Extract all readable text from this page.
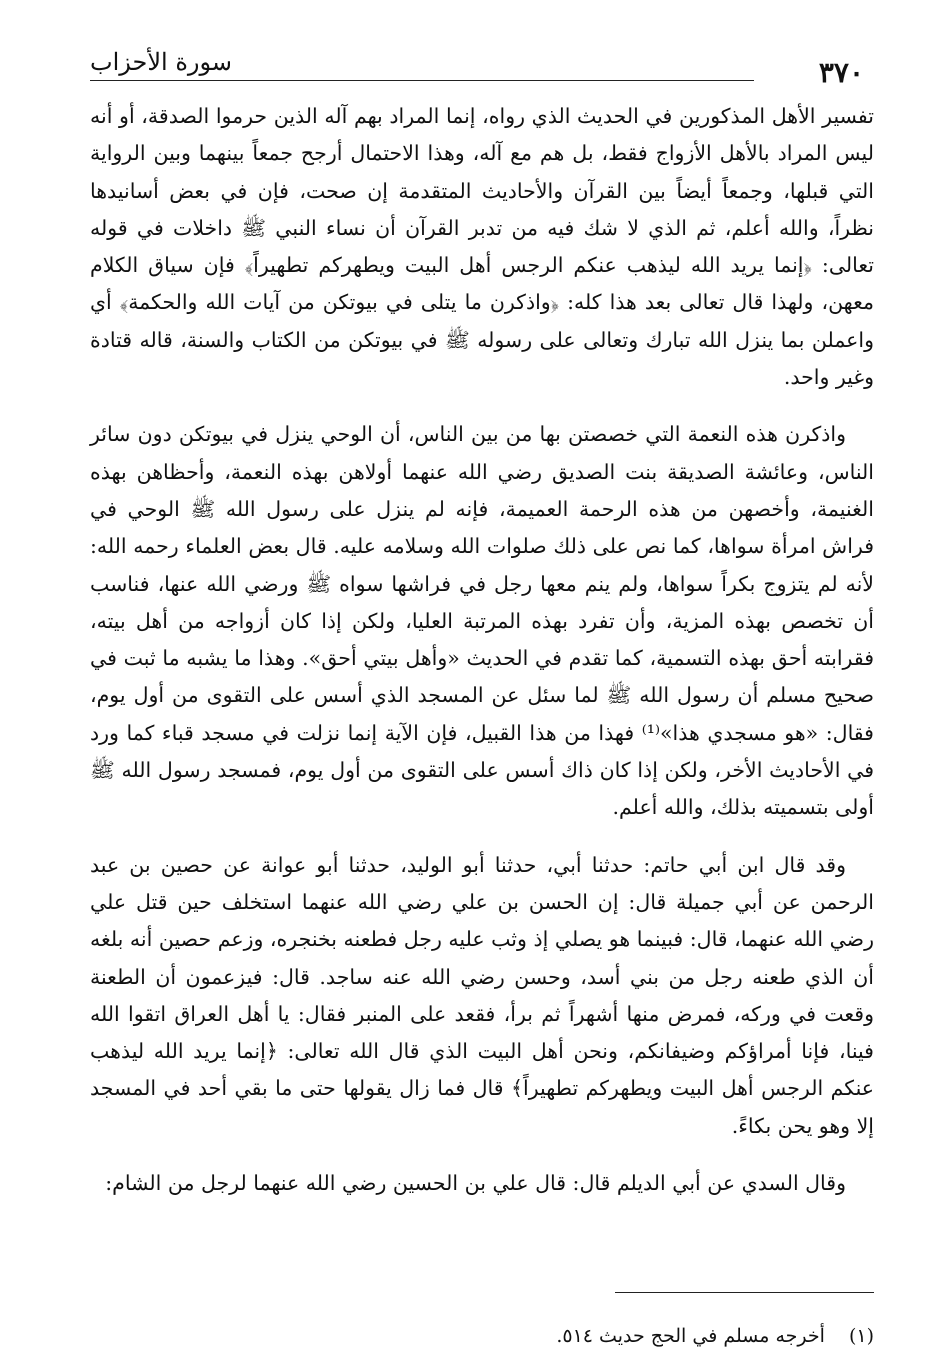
سورة الأحزاب	٣٧٠

تفسير الأهل المذكورين في الحديث الذي رواه، إنما المراد بهم آله الذين حرموا الصدقة، أو أنه ليس المراد بالأهل الأزواج فقط، بل هم مع آله، وهذا الاحتمال أرجح جمعاً بينهما وبين الرواية التي قبلها، وجمعاً أيضاً بين القرآن والأحاديث المتقدمة إن صحت، فإن في بعض أسانيدها نظراً، والله أعلم، ثم الذي لا شك فيه من تدبر القرآن أن نساء النبي ﷺ داخلات في قوله تعالى: ﴿إنما يريد الله ليذهب عنكم الرجس أهل البيت ويطهركم تطهيراً﴾ فإن سياق الكلام معهن، ولهذا قال تعالى بعد هذا كله: ﴿واذكرن ما يتلى في بيوتكن من آيات الله والحكمة﴾ أي واعملن بما ينزل الله تبارك وتعالى على رسوله ﷺ في بيوتكن من الكتاب والسنة، قاله قتادة وغير واحد.

واذكرن هذه النعمة التي خصصتن بها من بين الناس، أن الوحي ينزل في بيوتكن دون سائر الناس، وعائشة الصديقة بنت الصديق رضي الله عنهما أولاهن بهذه النعمة، وأحظاهن بهذه الغنيمة، وأخصهن من هذه الرحمة العميمة، فإنه لم ينزل على رسول الله ﷺ الوحي في فراش امرأة سواها، كما نص على ذلك صلوات الله وسلامه عليه. قال بعض العلماء رحمه الله: لأنه لم يتزوج بكراً سواها، ولم ينم معها رجل في فراشها سواه ﷺ ورضي الله عنها، فناسب أن تخصص بهذه المزية، وأن تفرد بهذه المرتبة العليا، ولكن إذا كان أزواجه من أهل بيته، فقرابته أحق بهذه التسمية، كما تقدم في الحديث «وأهل بيتي أحق». وهذا ما يشبه ما ثبت في صحيح مسلم أن رسول الله ﷺ لما سئل عن المسجد الذي أسس على التقوى من أول يوم، فقال: «هو مسجدي هذا»⁽¹⁾ فهذا من هذا القبيل، فإن الآية إنما نزلت في مسجد قباء كما ورد في الأحاديث الأخر، ولكن إذا كان ذاك أسس على التقوى من أول يوم، فمسجد رسول الله ﷺ أولى بتسميته بذلك، والله أعلم.

وقد قال ابن أبي حاتم: حدثنا أبي، حدثنا أبو الوليد، حدثنا أبو عوانة عن حصين بن عبد الرحمن عن أبي جميلة قال: إن الحسن بن علي رضي الله عنهما استخلف حين قتل علي رضي الله عنهما، قال: فبينما هو يصلي إذ وثب عليه رجل فطعنه بخنجره، وزعم حصين أنه بلغه أن الذي طعنه رجل من بني أسد، وحسن رضي الله عنه ساجد. قال: فيزعمون أن الطعنة وقعت في وركه، فمرض منها أشهراً ثم برأ، فقعد على المنبر فقال: يا أهل العراق اتقوا الله فينا، فإنا أمراؤكم وضيفانكم، ونحن أهل البيت الذي قال الله تعالى: ﴿إنما يريد الله ليذهب عنكم الرجس أهل البيت ويطهركم تطهيراً﴾ قال فما زال يقولها حتى ما بقي أحد في المسجد إلا وهو يحن بكاءً.

وقال السدي عن أبي الديلم قال: قال علي بن الحسين رضي الله عنهما لرجل من الشام:

(١) أخرجه مسلم في الحج حديث ٥١٤.
